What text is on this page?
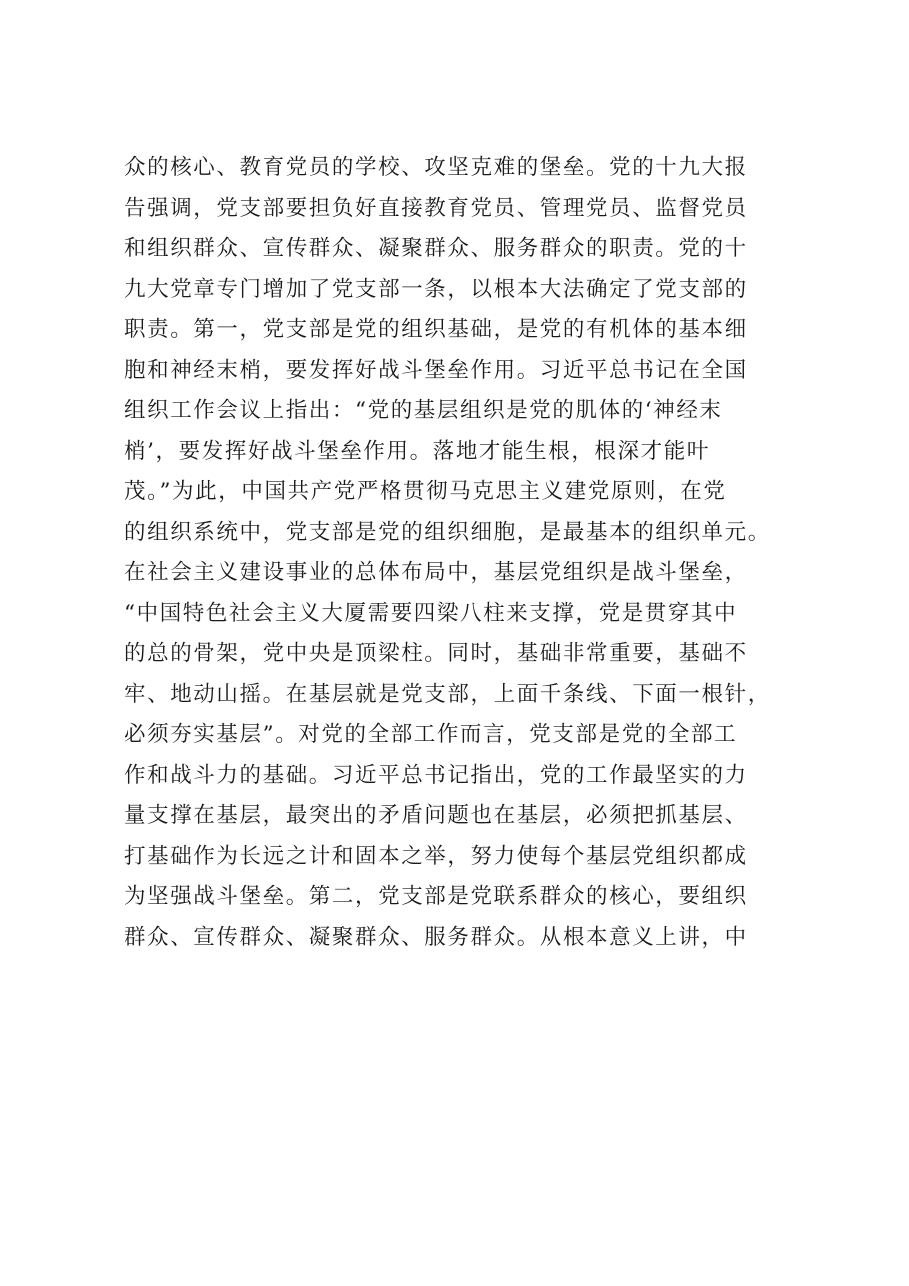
众的核心、教育党员的学校、攻坚克难的堡垒。党的十九大报
告强调，党支部要担负好直接教育党员、管理党员、监督党员
和组织群众、宣传群众、凝聚群众、服务群众的职责。党的十
九大党章专门增加了党支部一条，以根本大法确定了党支部的
职责。第一，党支部是党的组织基础，是党的有机体的基本细
胞和神经末梢，要发挥好战斗堡垒作用。习近平总书记在全国
组织工作会议上指出：“党的基层组织是党的肌体的‘神经末
梢’，要发挥好战斗堡垒作用。落地才能生根，根深才能叶
茂。”为此，中国共产党严格贯彻马克思主义建党原则，在党
的组织系统中，党支部是党的组织细胞，是最基本的组织单元。
在社会主义建设事业的总体布局中，基层党组织是战斗堡垒，
“中国特色社会主义大厦需要四梁八柱来支撑，党是贯穿其中
的总的骨架，党中央是顶梁柱。同时，基础非常重要，基础不
牢、地动山摇。在基层就是党支部，上面千条线、下面一根针，
必须夯实基层”。对党的全部工作而言，党支部是党的全部工
作和战斗力的基础。习近平总书记指出，党的工作最坚实的力
量支撑在基层，最突出的矛盾问题也在基层，必须把抓基层、
打基础作为长远之计和固本之举，努力使每个基层党组织都成
为坚强战斗堡垒。第二，党支部是党联系群众的核心，要组织
群众、宣传群众、凝聚群众、服务群众。从根本意义上讲，中
